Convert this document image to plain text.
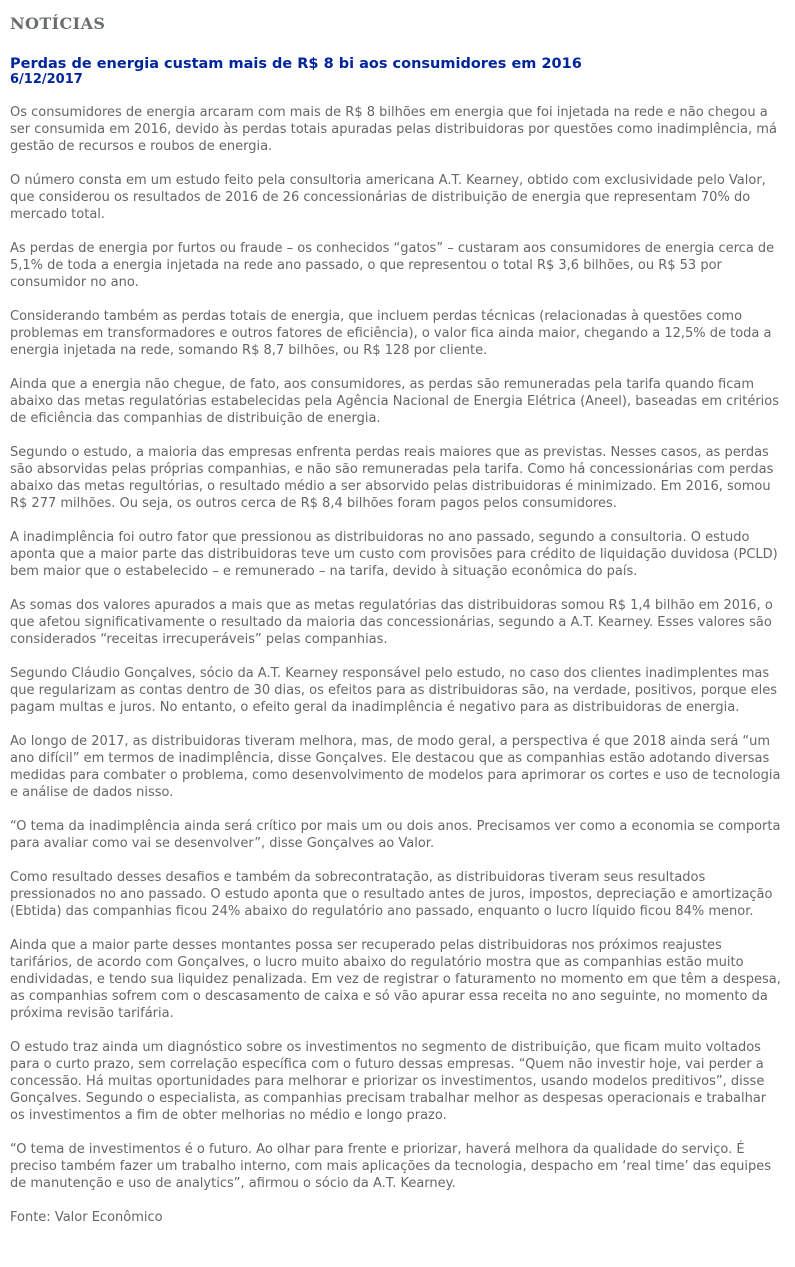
NOTÍCIAS
Perdas de energia custam mais de R$ 8 bi aos consumidores em 2016
6/12/2017

Os consumidores de energia arcaram com mais de R$ 8 bilhões em energia que foi injetada na rede e não chegou a ser consumida em 2016, devido às perdas totais apuradas pelas distribuidoras por questões como inadimplência, má gestão de recursos e roubos de energia.

O número consta em um estudo feito pela consultoria americana A.T. Kearney, obtido com exclusividade pelo Valor, que considerou os resultados de 2016 de 26 concessionárias de distribuição de energia que representam 70% do mercado total.

As perdas de energia por furtos ou fraude – os conhecidos “gatos” – custaram aos consumidores de energia cerca de 5,1% de toda a energia injetada na rede ano passado, o que representou o total R$ 3,6 bilhões, ou R$ 53 por consumidor no ano.

Considerando também as perdas totais de energia, que incluem perdas técnicas (relacionadas à questões como problemas em transformadores e outros fatores de eficiência), o valor fica ainda maior, chegando a 12,5% de toda a energia injetada na rede, somando R$ 8,7 bilhões, ou R$ 128 por cliente.

Ainda que a energia não chegue, de fato, aos consumidores, as perdas são remuneradas pela tarifa quando ficam abaixo das metas regulatórias estabelecidas pela Agência Nacional de Energia Elétrica (Aneel), baseadas em critérios de eficiência das companhias de distribuição de energia.

Segundo o estudo, a maioria das empresas enfrenta perdas reais maiores que as previstas. Nesses casos, as perdas são absorvidas pelas próprias companhias, e não são remuneradas pela tarifa. Como há concessionárias com perdas abaixo das metas regultórias, o resultado médio a ser absorvido pelas distribuidoras é minimizado. Em 2016, somou R$ 277 milhões. Ou seja, os outros cerca de R$ 8,4 bilhões foram pagos pelos consumidores.

A inadimplência foi outro fator que pressionou as distribuidoras no ano passado, segundo a consultoria. O estudo aponta que a maior parte das distribuidoras teve um custo com provisões para crédito de liquidação duvidosa (PCLD) bem maior que o estabelecido – e remunerado – na tarifa, devido à situação econômica do país.

As somas dos valores apurados a mais que as metas regulatórias das distribuidoras somou R$ 1,4 bilhão em 2016, o que afetou significativamente o resultado da maioria das concessionárias, segundo a A.T. Kearney. Esses valores são considerados “receitas irrecuperáveis” pelas companhias.

Segundo Cláudio Gonçalves, sócio da A.T. Kearney responsável pelo estudo, no caso dos clientes inadimplentes mas que regularizam as contas dentro de 30 dias, os efeitos para as distribuidoras são, na verdade, positivos, porque eles pagam multas e juros. No entanto, o efeito geral da inadimplência é negativo para as distribuidoras de energia.

Ao longo de 2017, as distribuidoras tiveram melhora, mas, de modo geral, a perspectiva é que 2018 ainda será “um ano difícil” em termos de inadimplência, disse Gonçalves. Ele destacou que as companhias estão adotando diversas medidas para combater o problema, como desenvolvimento de modelos para aprimorar os cortes e uso de tecnologia e análise de dados nisso.

“O tema da inadimplência ainda será crítico por mais um ou dois anos. Precisamos ver como a economia se comporta para avaliar como vai se desenvolver”, disse Gonçalves ao Valor.

Como resultado desses desafios e também da sobrecontratação, as distribuidoras tiveram seus resultados pressionados no ano passado. O estudo aponta que o resultado antes de juros, impostos, depreciação e amortização (Ebtida) das companhias ficou 24% abaixo do regulatório ano passado, enquanto o lucro líquido ficou 84% menor.

Ainda que a maior parte desses montantes possa ser recuperado pelas distribuidoras nos próximos reajustes tarifários, de acordo com Gonçalves, o lucro muito abaixo do regulatório mostra que as companhias estão muito endividadas, e tendo sua liquidez penalizada. Em vez de registrar o faturamento no momento em que têm a despesa, as companhias sofrem com o descasamento de caixa e só vão apurar essa receita no ano seguinte, no momento da próxima revisão tarifária.

O estudo traz ainda um diagnóstico sobre os investimentos no segmento de distribuição, que ficam muito voltados para o curto prazo, sem correlação específica com o futuro dessas empresas. “Quem não investir hoje, vai perder a concessão. Há muitas oportunidades para melhorar e priorizar os investimentos, usando modelos preditivos”, disse Gonçalves. Segundo o especialista, as companhias precisam trabalhar melhor as despesas operacionais e trabalhar os investimentos a fim de obter melhorias no médio e longo prazo.

“O tema de investimentos é o futuro. Ao olhar para frente e priorizar, haverá melhora da qualidade do serviço. É preciso também fazer um trabalho interno, com mais aplicações da tecnologia, despacho em ‘real time’ das equipes de manutenção e uso de analytics”, afirmou o sócio da A.T. Kearney.

Fonte: Valor Econômico
